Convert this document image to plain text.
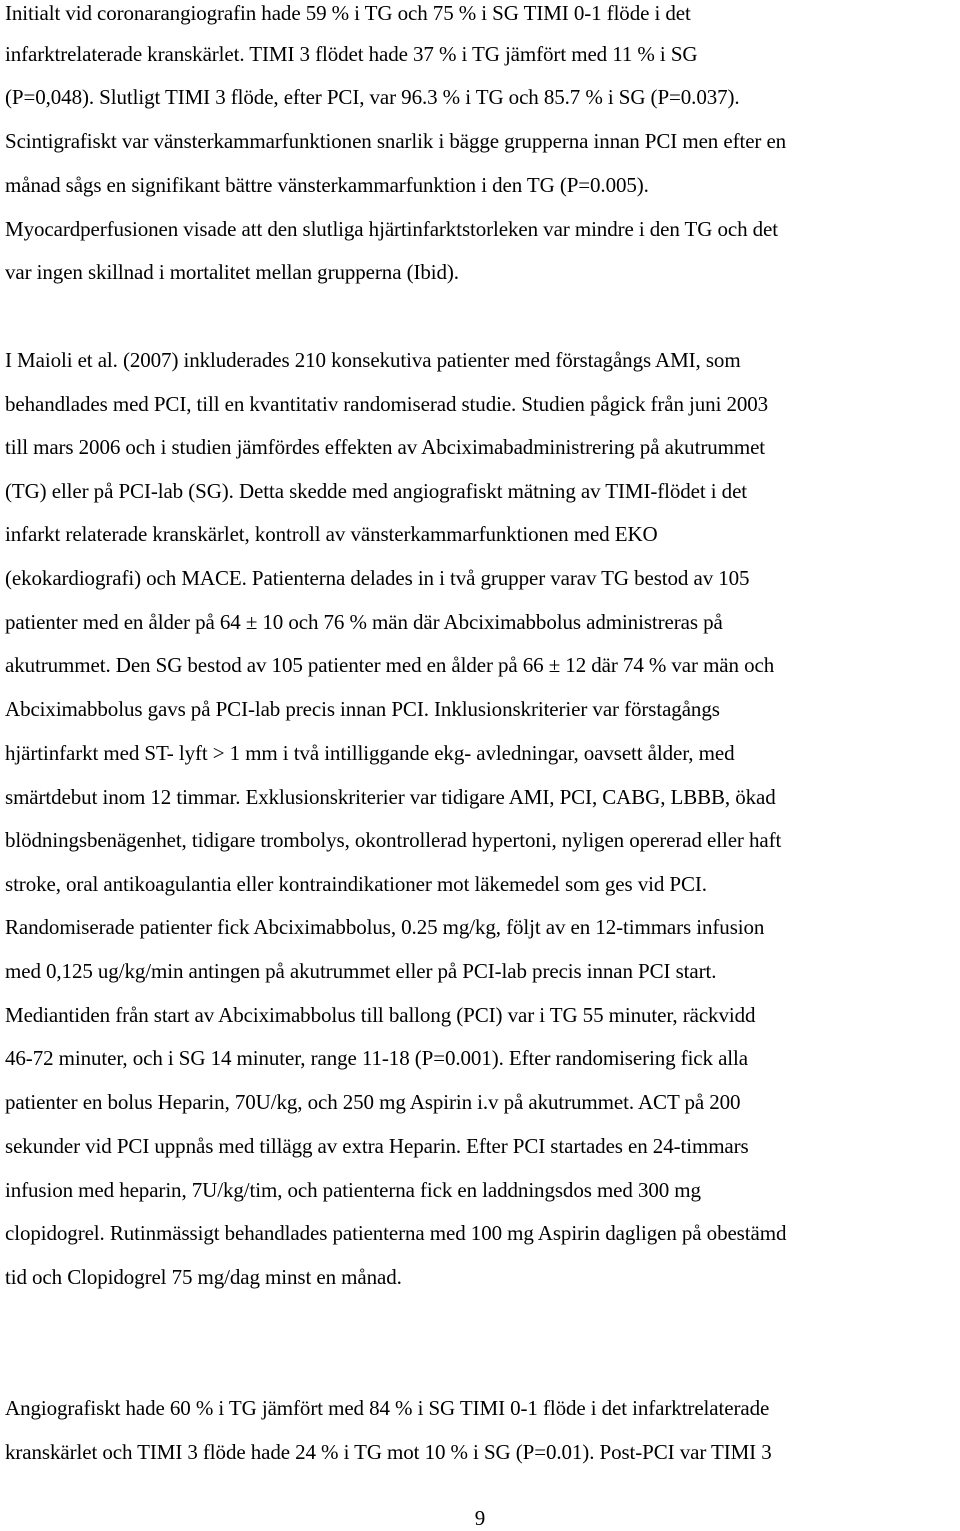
Initialt vid coronarangiografin hade 59 % i TG och 75 % i SG TIMI 0-1 flöde i det
infarktrelaterade kranskärlet. TIMI 3 flödet hade 37 % i TG jämfört med 11 % i SG
(P=0,048). Slutligt TIMI 3 flöde, efter PCI, var 96.3 % i TG och 85.7 % i SG (P=0.037).
Scintigrafiskt var vänsterkammarfunktionen snarlik i bägge grupperna innan PCI men efter en
månad sågs en signifikant bättre vänsterkammarfunktion i den TG (P=0.005).
Myocardperfusionen visade att den slutliga hjärtinfarktstorleken var mindre i den TG och det
var ingen skillnad i mortalitet mellan grupperna (Ibid).
I Maioli et al. (2007) inkluderades 210 konsekutiva patienter med förstagångs AMI, som
behandlades med PCI, till en kvantitativ randomiserad studie. Studien pågick från juni 2003
till mars 2006 och i studien jämfördes effekten av Abciximabadministrering på akutrummet
(TG) eller på PCI-lab (SG). Detta skedde med angiografiskt mätning av TIMI-flödet i det
infarkt relaterade kranskärlet, kontroll av vänsterkammarfunktionen med EKO
(ekokardiografi) och MACE. Patienterna delades in i två grupper varav TG bestod av 105
patienter med en ålder på 64 ± 10 och 76 % män där Abciximabbolus administreras på
akutrummet. Den SG bestod av 105 patienter med en ålder på 66 ± 12 där 74 % var män och
Abciximabbolus gavs på PCI-lab precis innan PCI. Inklusionskriterier var förstagångs
hjärtinfarkt med ST- lyft > 1 mm i två intilliggande ekg- avledningar, oavsett ålder, med
smärtdebut inom 12 timmar. Exklusionskriterier var tidigare AMI, PCI, CABG, LBBB, ökad
blödningsbenägenhet, tidigare trombolys, okontrollerad hypertoni, nyligen opererad eller haft
stroke, oral antikoagulantia eller kontraindikationer mot läkemedel som ges vid PCI.
Randomiserade patienter fick Abciximabbolus, 0.25 mg/kg, följt av en 12-timmars infusion
med 0,125 ug/kg/min antingen på akutrummet eller på PCI-lab precis innan PCI start.
Mediantiden från start av Abciximabbolus till ballong (PCI) var i TG 55 minuter, räckvidd
46-72 minuter, och i SG 14 minuter, range 11-18 (P=0.001). Efter randomisering fick alla
patienter en bolus Heparin, 70U/kg, och 250 mg Aspirin i.v på akutrummet. ACT på 200
sekunder vid PCI uppnås med tillägg av extra Heparin. Efter PCI startades en 24-timmars
infusion med heparin, 7U/kg/tim, och patienterna fick en laddningsdos med 300 mg
clopidogrel. Rutinmässigt behandlades patienterna med 100 mg Aspirin dagligen på obestämd
tid och Clopidogrel 75 mg/dag minst en månad.
Angiografiskt hade 60 % i TG jämfört med 84 % i SG TIMI 0-1 flöde i det infarktrelaterade
kranskärlet och TIMI 3 flöde hade 24 % i TG mot 10 % i SG (P=0.01). Post-PCI var TIMI 3
9
